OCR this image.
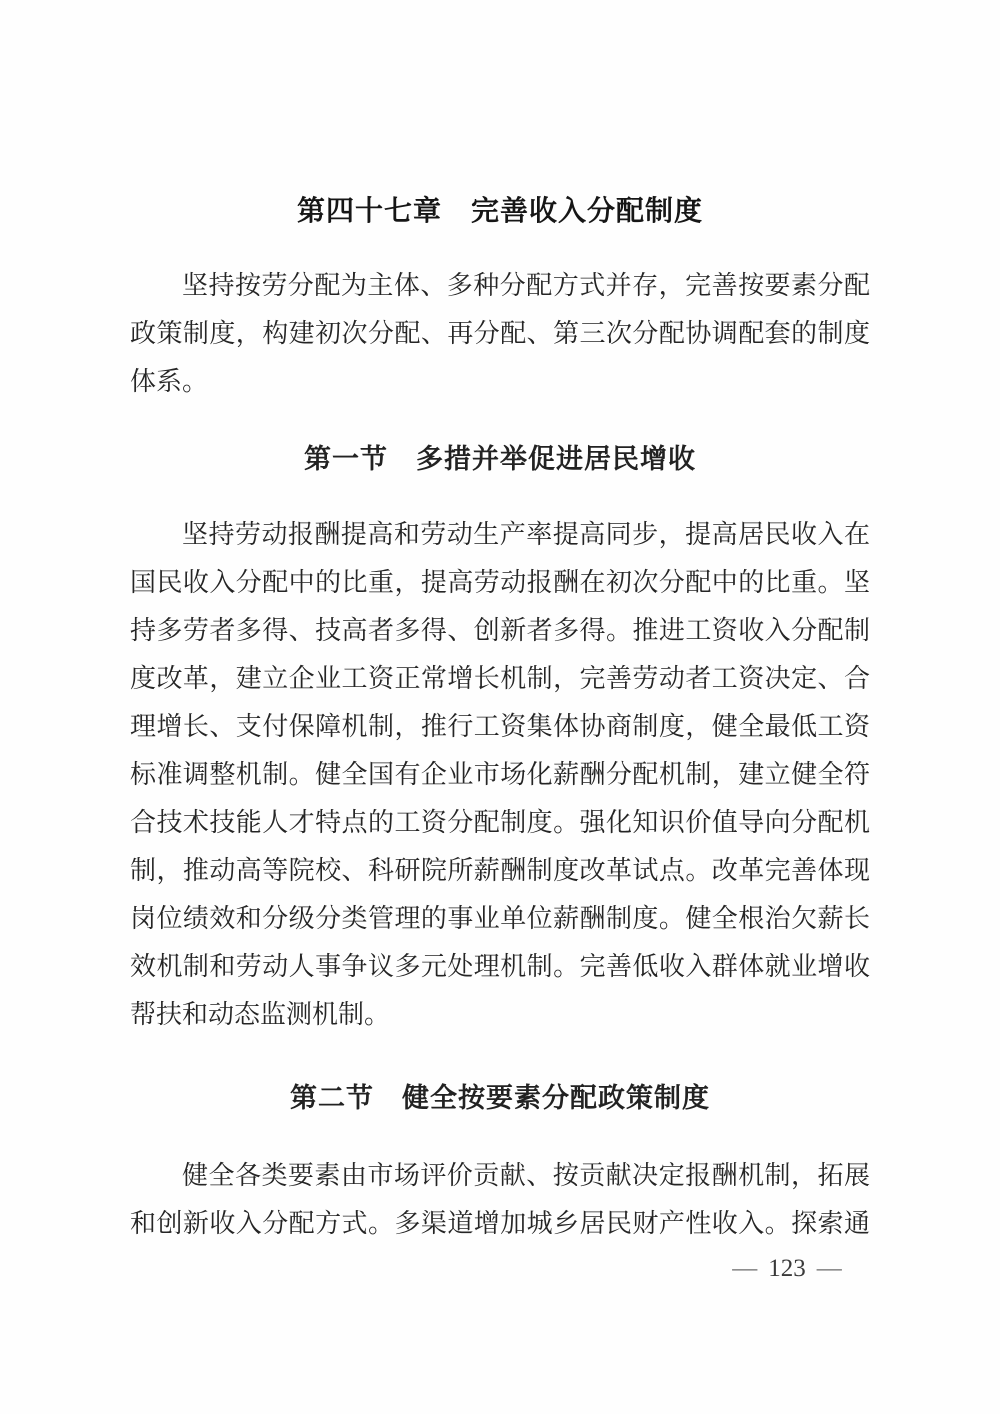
第四十七章　完善收入分配制度
坚持按劳分配为主体、多种分配方式并存，完善按要素分配
政策制度，构建初次分配、再分配、第三次分配协调配套的制度
体系。
第一节　多措并举促进居民增收
坚持劳动报酬提高和劳动生产率提高同步，提高居民收入在
国民收入分配中的比重，提高劳动报酬在初次分配中的比重。坚
持多劳者多得、技高者多得、创新者多得。推进工资收入分配制
度改革，建立企业工资正常增长机制，完善劳动者工资决定、合
理增长、支付保障机制，推行工资集体协商制度，健全最低工资
标准调整机制。健全国有企业市场化薪酬分配机制，建立健全符
合技术技能人才特点的工资分配制度。强化知识价值导向分配机
制，推动高等院校、科研院所薪酬制度改革试点。改革完善体现
岗位绩效和分级分类管理的事业单位薪酬制度。健全根治欠薪长
效机制和劳动人事争议多元处理机制。完善低收入群体就业增收
帮扶和动态监测机制。
第二节　健全按要素分配政策制度
健全各类要素由市场评价贡献、按贡献决定报酬机制，拓展
和创新收入分配方式。多渠道增加城乡居民财产性收入。探索通
— 123 —
